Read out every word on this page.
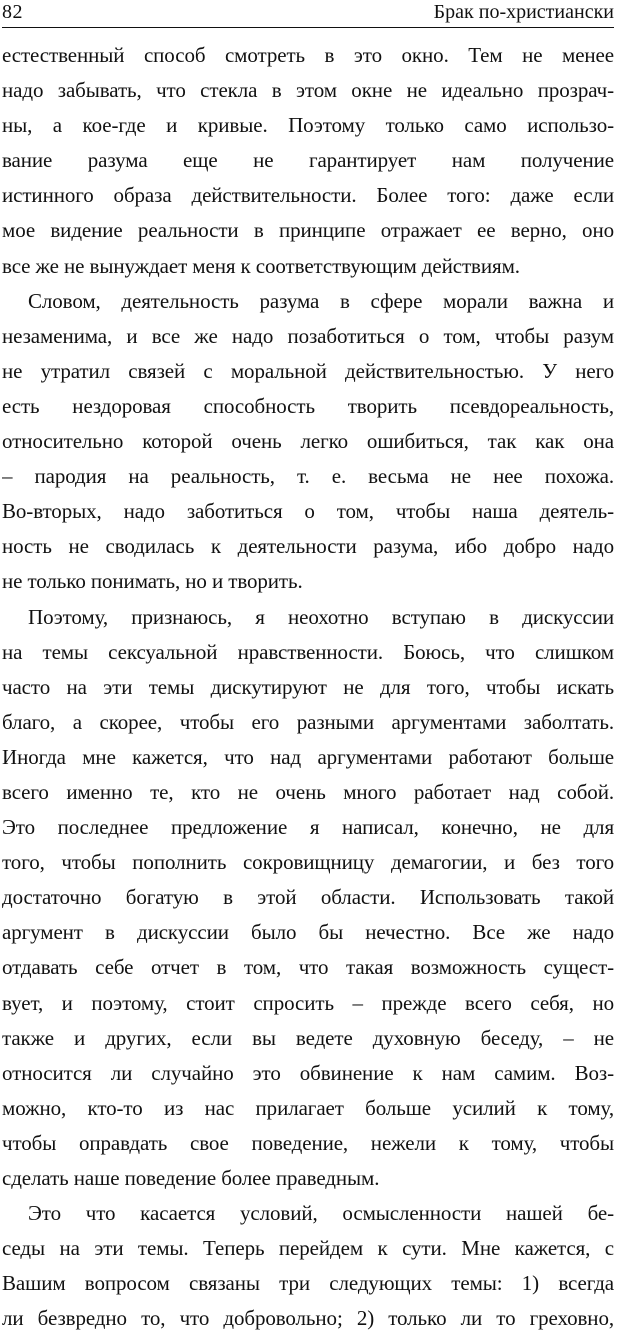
82	Брак по-христиански
естественный способ смотреть в это окно. Тем не менее
надо забывать, что стекла в этом окне не идеально прозрач-
ны, а кое-где и кривые. Поэтому только само использо-
вание разума еще не гарантирует нам получение
истинного образа действительности. Более того: даже если
мое видение реальности в принципе отражает ее верно, оно
все же не вынуждает меня к соответствующим действиям.
Словом, деятельность разума в сфере морали важна и
незаменима, и все же надо позаботиться о том, чтобы разум
не утратил связей с моральной действительностью. У него
есть нездоровая способность творить псевдореальность,
относительно которой очень легко ошибиться, так как она
– пародия на реальность, т. е. весьма не нее похожа.
Во-вторых, надо заботиться о том, чтобы наша деятель-
ность не сводилась к деятельности разума, ибо добро надо
не только понимать, но и творить.
Поэтому, признаюсь, я неохотно вступаю в дискуссии
на темы сексуальной нравственности. Боюсь, что слишком
часто на эти темы дискутируют не для того, чтобы искать
благо, а скорее, чтобы его разными аргументами заболтать.
Иногда мне кажется, что над аргументами работают больше
всего именно те, кто не очень много работает над собой.
Это последнее предложение я написал, конечно, не для
того, чтобы пополнить сокровищницу демагогии, и без того
достаточно богатую в этой области. Использовать такой
аргумент в дискуссии было бы нечестно. Все же надо
отдавать себе отчет в том, что такая возможность сущест-
вует, и поэтому, стоит спросить – прежде всего себя, но
также и других, если вы ведете духовную беседу, – не
относится ли случайно это обвинение к нам самим. Воз-
можно, кто-то из нас прилагает больше усилий к тому,
чтобы оправдать свое поведение, нежели к тому, чтобы
сделать наше поведение более праведным.
Это что касается условий, осмысленности нашей бе-
седы на эти темы. Теперь перейдем к сути. Мне кажется, с
Вашим вопросом связаны три следующих темы: 1) всегда
ли безвредно то, что добровольно; 2) только ли то греховно,
